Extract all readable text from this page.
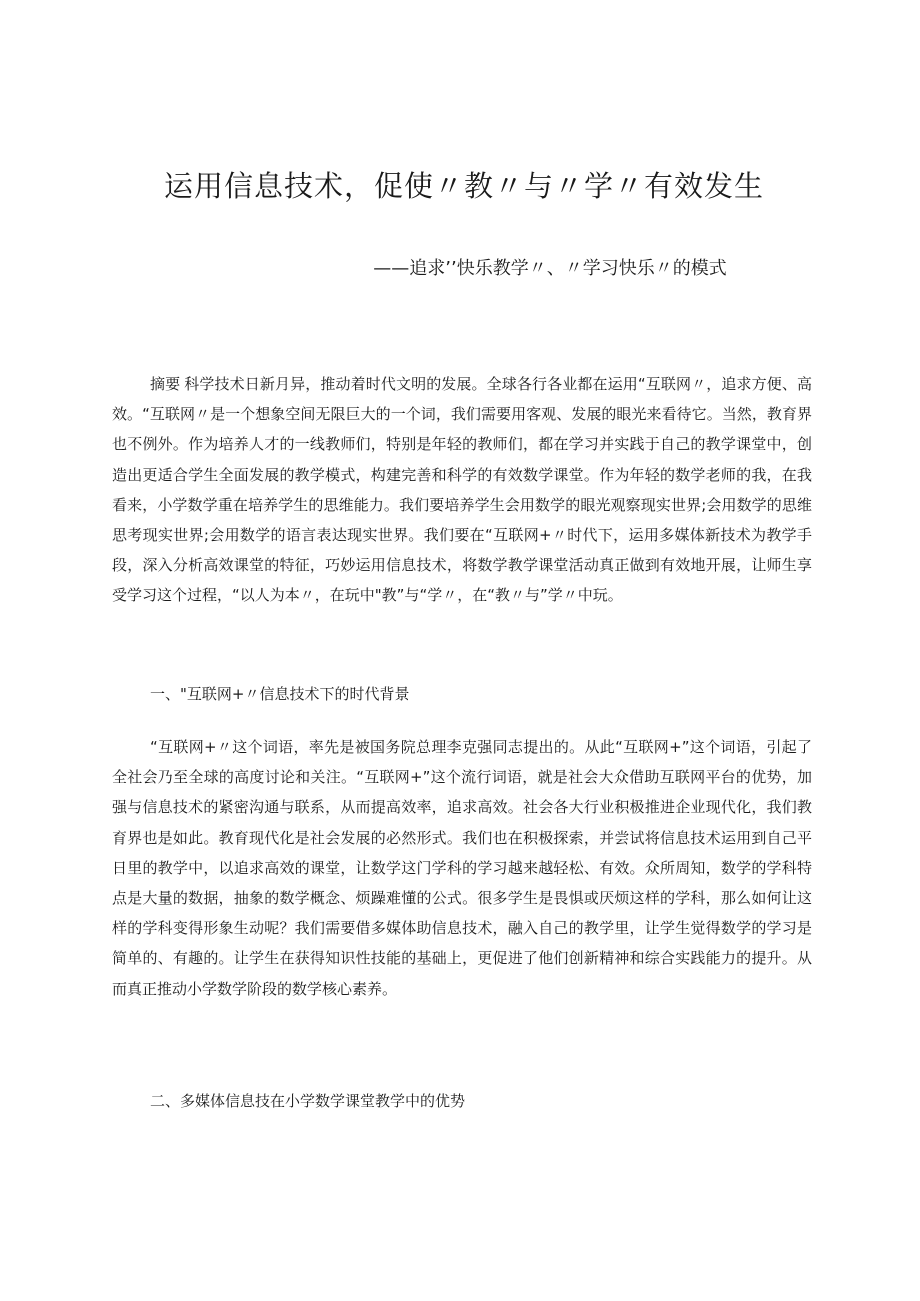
运用信息技术，促使〃教〃与〃学〃有效发生
——追求’’快乐教学〃、〃学习快乐〃的模式

摘要 科学技术日新月异，推动着时代文明的发展。全球各行各业都在运用“互联网〃，追求方便、高效。“互联网〃是一个想象空间无限巨大的一个词，我们需要用客观、发展的眼光来看待它。当然，教育界也不例外。作为培养人才的一线教师们，特别是年轻的教师们，都在学习并实践于自己的教学课堂中，创造出更适合学生全面发展的教学模式，构建完善和科学的有效数学课堂。作为年轻的数学老师的我，在我看来，小学数学重在培养学生的思维能力。我们要培养学生会用数学的眼光观察现实世界;会用数学的思维思考现实世界;会用数学的语言表达现实世界。我们要在“互联网+〃时代下，运用多媒体新技术为教学手段，深入分析高效课堂的特征，巧妙运用信息技术，将数学教学课堂活动真正做到有效地开展，让师生享受学习这个过程，“以人为本〃，在玩中"教”与“学〃，在“教〃与”学〃中玩。

一、"互联网+〃信息技术下的时代背景

“互联网+〃这个词语，率先是被国务院总理李克强同志提出的。从此“互联网+”这个词语，引起了全社会乃至全球的高度讨论和关注。“互联网+”这个流行词语，就是社会大众借助互联网平台的优势，加强与信息技术的紧密沟通与联系，从而提高效率，追求高效。社会各大行业积极推进企业现代化，我们教育界也是如此。教育现代化是社会发展的必然形式。我们也在积极探索，并尝试将信息技术运用到自己平日里的教学中，以追求高效的课堂，让数学这门学科的学习越来越轻松、有效。众所周知，数学的学科特点是大量的数据，抽象的数学概念、烦躁难懂的公式。很多学生是畏惧或厌烦这样的学科，那么如何让这样的学科变得形象生动呢？我们需要借多媒体助信息技术，融入自己的教学里，让学生觉得数学的学习是简单的、有趣的。让学生在获得知识性技能的基础上，更促进了他们创新精神和综合实践能力的提升。从而真正推动小学数学阶段的数学核心素养。

二、多媒体信息技在小学数学课堂教学中的优势
